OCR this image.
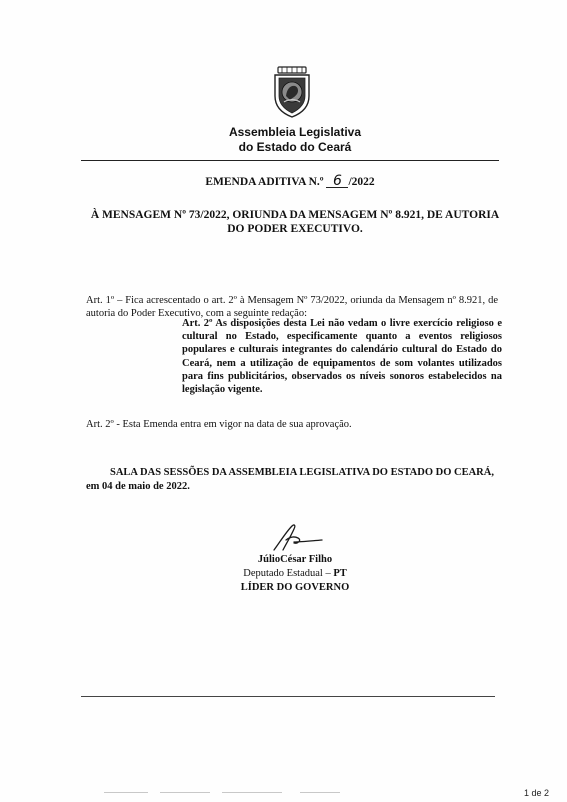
Assembleia Legislativa
do Estado do Ceará
EMENDA ADITIVA N.º 6 /2022
À MENSAGEM Nº 73/2022, ORIUNDA DA MENSAGEM Nº 8.921, DE AUTORIA DO PODER EXECUTIVO.
Art. 1º – Fica acrescentado o art. 2º à Mensagem Nº 73/2022, oriunda da Mensagem nº 8.921, de autoria do Poder Executivo, com a seguinte redação:
Art. 2º As disposições desta Lei não vedam o livre exercício religioso e cultural no Estado, especificamente quanto a eventos religiosos populares e culturais integrantes do calendário cultural do Estado do Ceará, nem a utilização de equipamentos de som volantes utilizados para fins publicitários, observados os níveis sonoros estabelecidos na legislação vigente.
Art. 2º - Esta Emenda entra em vigor na data de sua aprovação.
SALA DAS SESSÕES DA ASSEMBLEIA LEGISLATIVA DO ESTADO DO CEARÁ, em 04 de maio de 2022.
JúlioCésar Filho
Deputado Estadual – PT
LÍDER DO GOVERNO
1 de 2
